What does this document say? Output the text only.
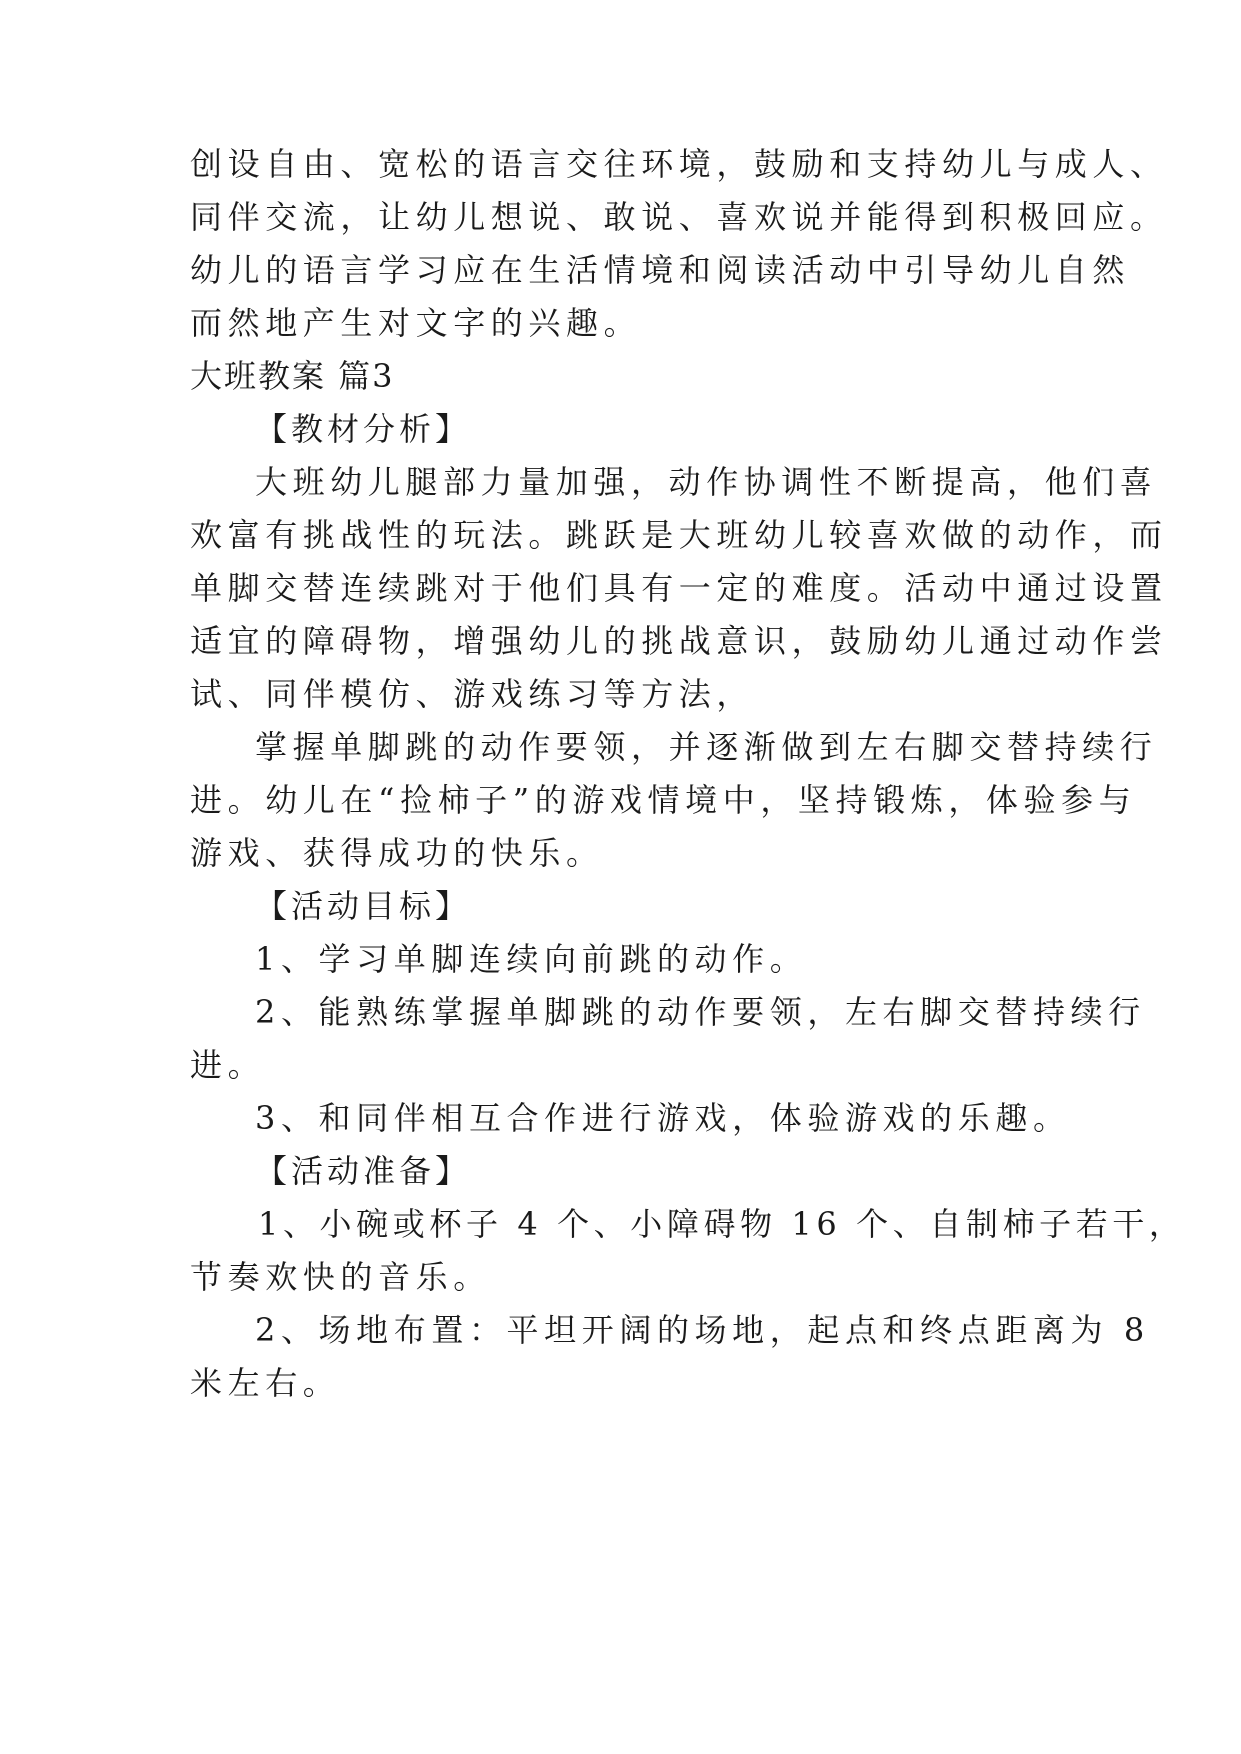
创设自由、宽松的语言交往环境，鼓励和支持幼儿与成人、
同伴交流，让幼儿想说、敢说、喜欢说并能得到积极回应。
幼儿的语言学习应在生活情境和阅读活动中引导幼儿自然
而然地产生对文字的兴趣。
大班教案 篇3
【教材分析】
大班幼儿腿部力量加强，动作协调性不断提高，他们喜
欢富有挑战性的玩法。跳跃是大班幼儿较喜欢做的动作，而
单脚交替连续跳对于他们具有一定的难度。活动中通过设置
适宜的障碍物，增强幼儿的挑战意识，鼓励幼儿通过动作尝
试、同伴模仿、游戏练习等方法，
掌握单脚跳的动作要领，并逐渐做到左右脚交替持续行
进。幼儿在“捡柿子”的游戏情境中，坚持锻炼，体验参与
游戏、获得成功的快乐。
【活动目标】
1、学习单脚连续向前跳的动作。
2、能熟练掌握单脚跳的动作要领，左右脚交替持续行
进。
3、和同伴相互合作进行游戏，体验游戏的乐趣。
【活动准备】
1、小碗或杯子 4 个、小障碍物 16 个、自制柿子若干，
节奏欢快的音乐。
2、场地布置：平坦开阔的场地，起点和终点距离为 8
米左右。
